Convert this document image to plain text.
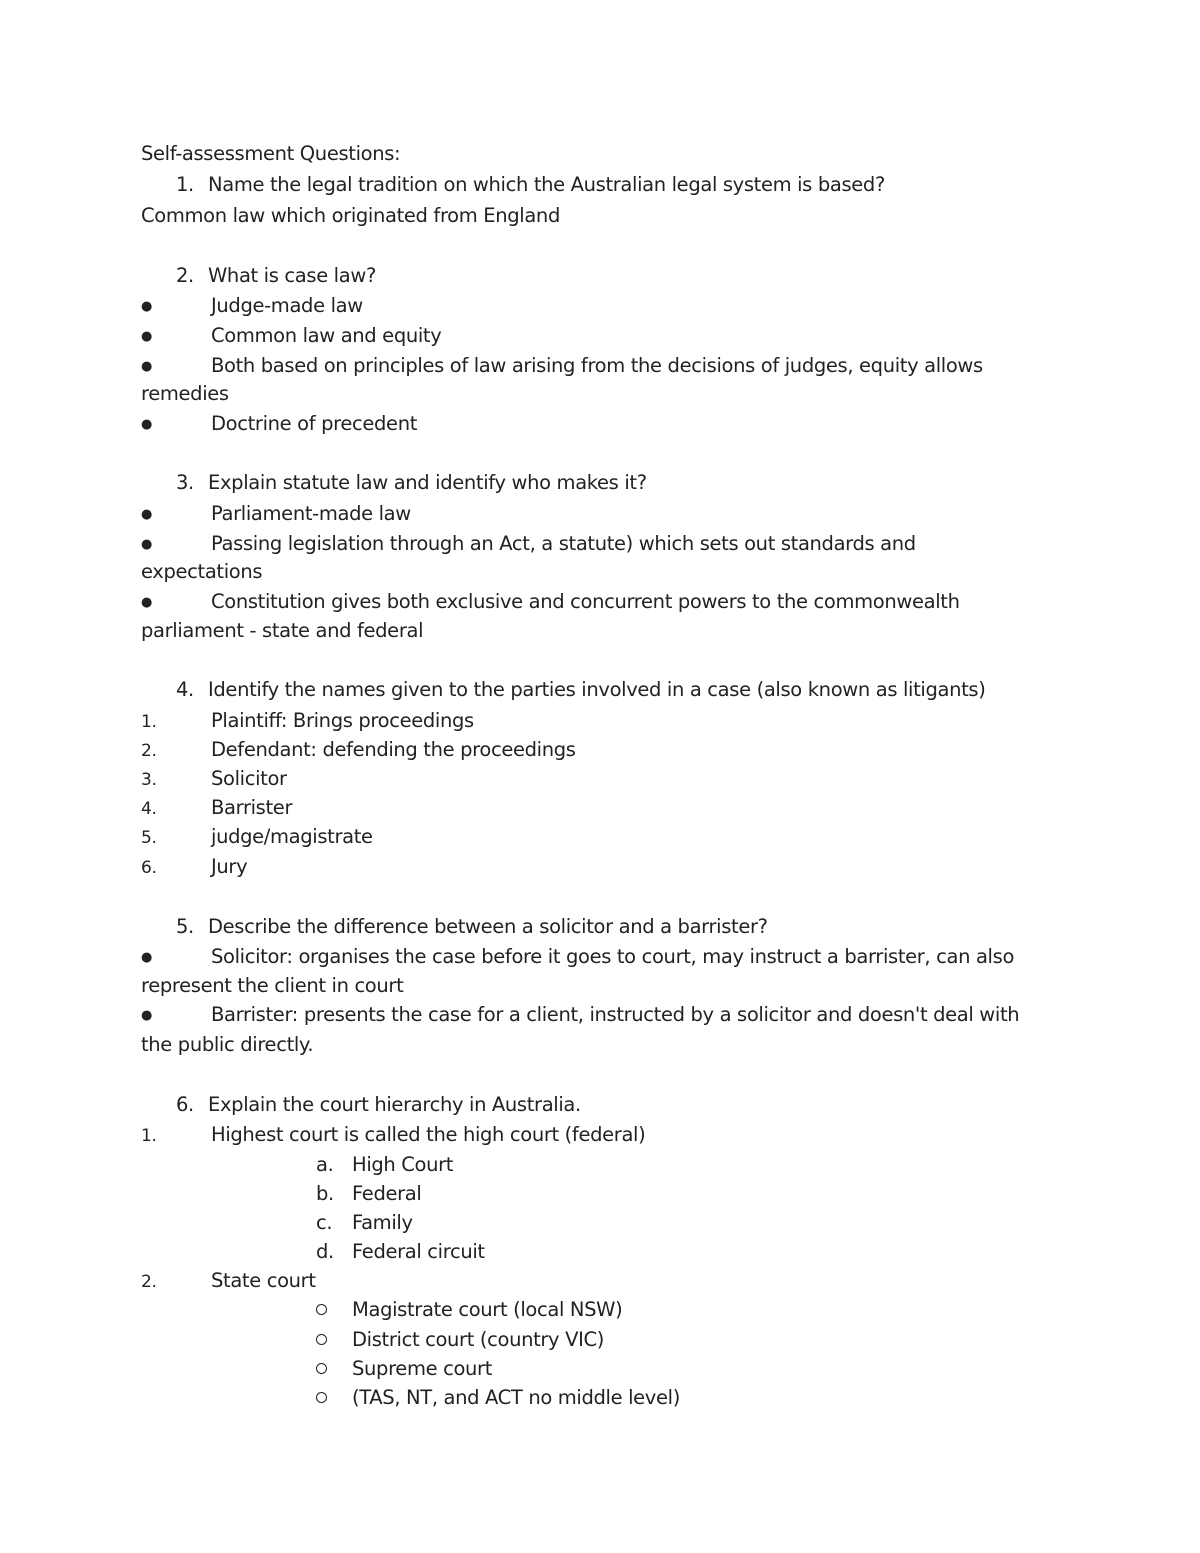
Self-assessment Questions:
1. Name the legal tradition on which the Australian legal system is based?
Common law which originated from England
2. What is case law?
●	Judge-made law
●	Common law and equity
●	Both based on principles of law arising from the decisions of judges, equity allows
remedies
●	Doctrine of precedent
3. Explain statute law and identify who makes it?
●	Parliament-made law
●	Passing legislation through an Act, a statute) which sets out standards and
expectations
●	Constitution gives both exclusive and concurrent powers to the commonwealth
parliament - state and federal
4. Identify the names given to the parties involved in a case (also known as litigants)
1.	Plaintiff: Brings proceedings
2.	Defendant: defending the proceedings
3.	Solicitor
4.	Barrister
5.	judge/magistrate
6.	Jury
5. Describe the difference between a solicitor and a barrister?
●	Solicitor: organises the case before it goes to court, may instruct a barrister, can also
represent the client in court
●	Barrister: presents the case for a client, instructed by a solicitor and doesn't deal with
the public directly.
6. Explain the court hierarchy in Australia.
1.	Highest court is called the high court (federal)
a. High Court
b. Federal
c. Family
d. Federal circuit
2.	State court
Magistrate court (local NSW)
District court (country VIC)
Supreme court
(TAS, NT, and ACT no middle level)
